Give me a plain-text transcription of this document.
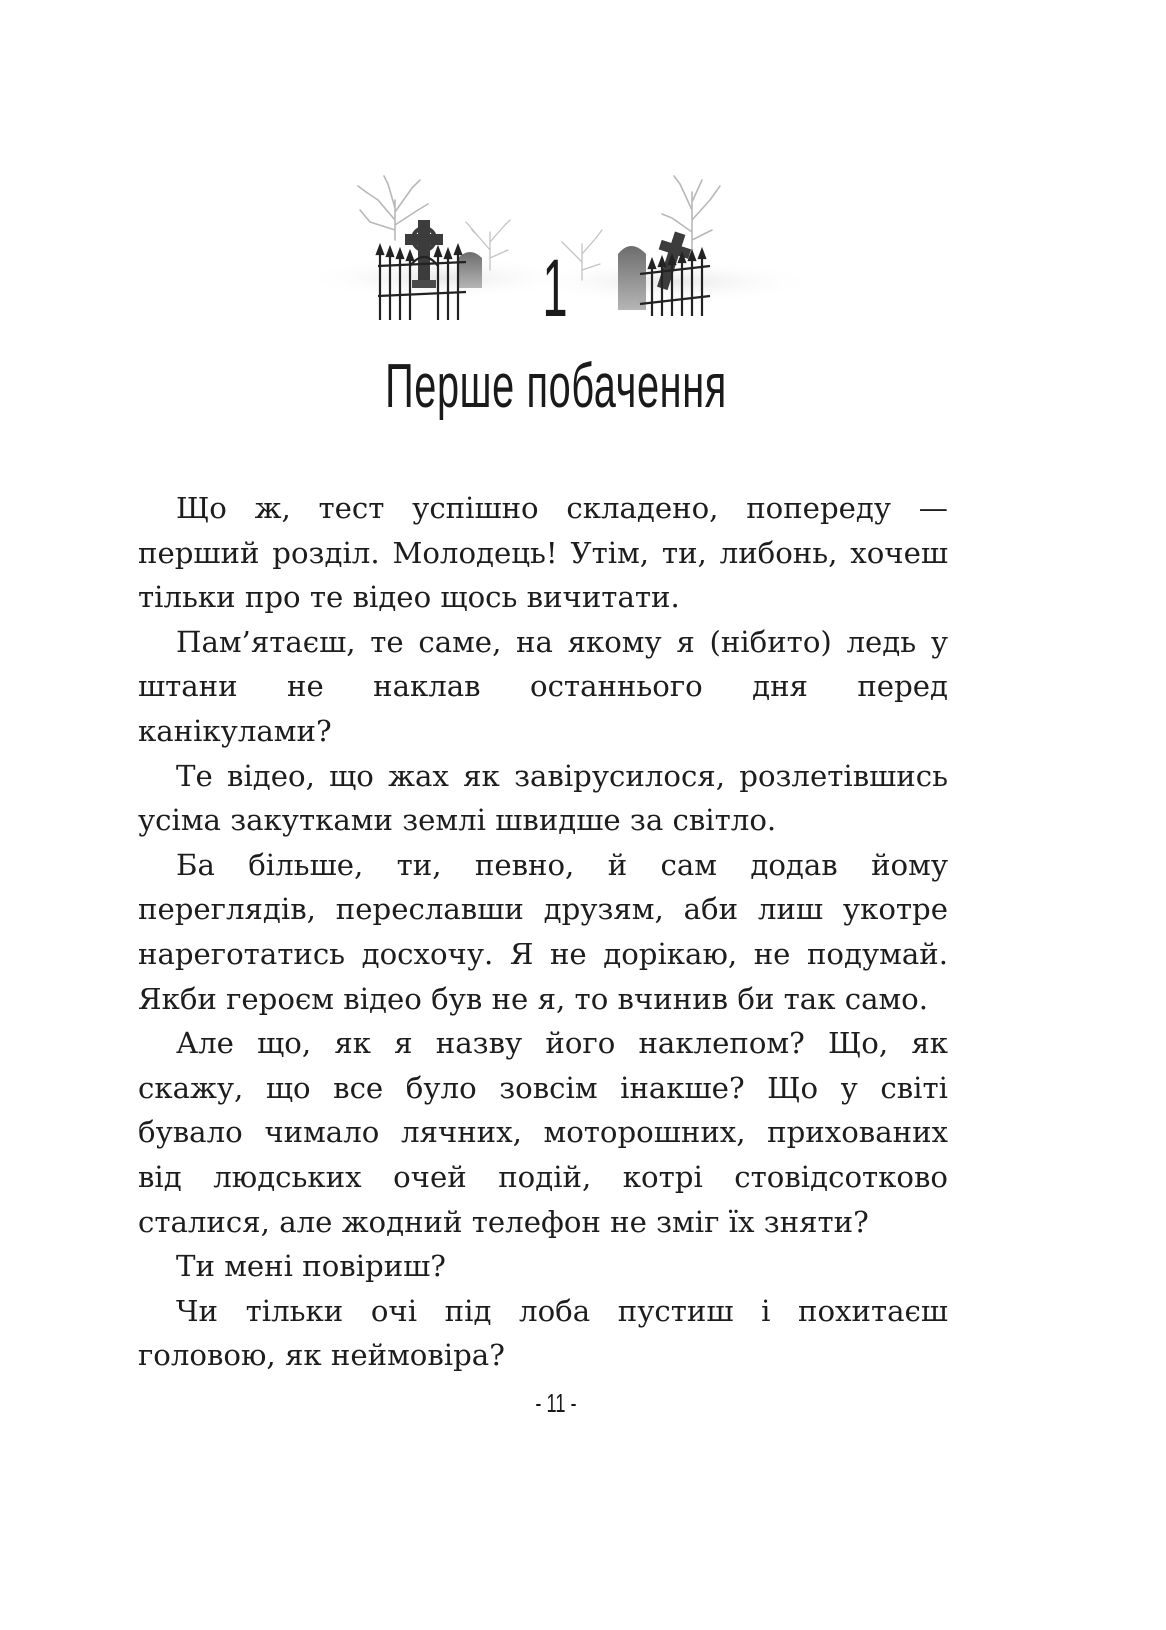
1
Перше побачення

Що ж, тест успішно складено, попереду — перший розділ. Молодець! Утім, ти, либонь, хочеш тільки про те відео щось вичитати.

Пам’ятаєш, те саме, на якому я (нібито) ледь у штани не наклав останнього дня перед канікулами?

Те відео, що жах як завірусилося, розлетівшись усіма закутками землі швидше за світло.

Ба більше, ти, певно, й сам додав йому переглядів, переславши друзям, аби лиш укотре нареготатись досхочу. Я не дорікаю, не подумай. Якби героєм відео був не я, то вчинив би так само.

Але що, як я назву його наклепом? Що, як скажу, що все було зовсім інакше? Що у світі бувало чимало лячних, моторошних, прихованих від людських очей подій, котрі стовідсотково сталися, але жодний телефон не зміг їх зняти?

Ти мені повіриш?

Чи тільки очі під лоба пустиш і похитаєш головою, як неймовіра?

- 11 -
